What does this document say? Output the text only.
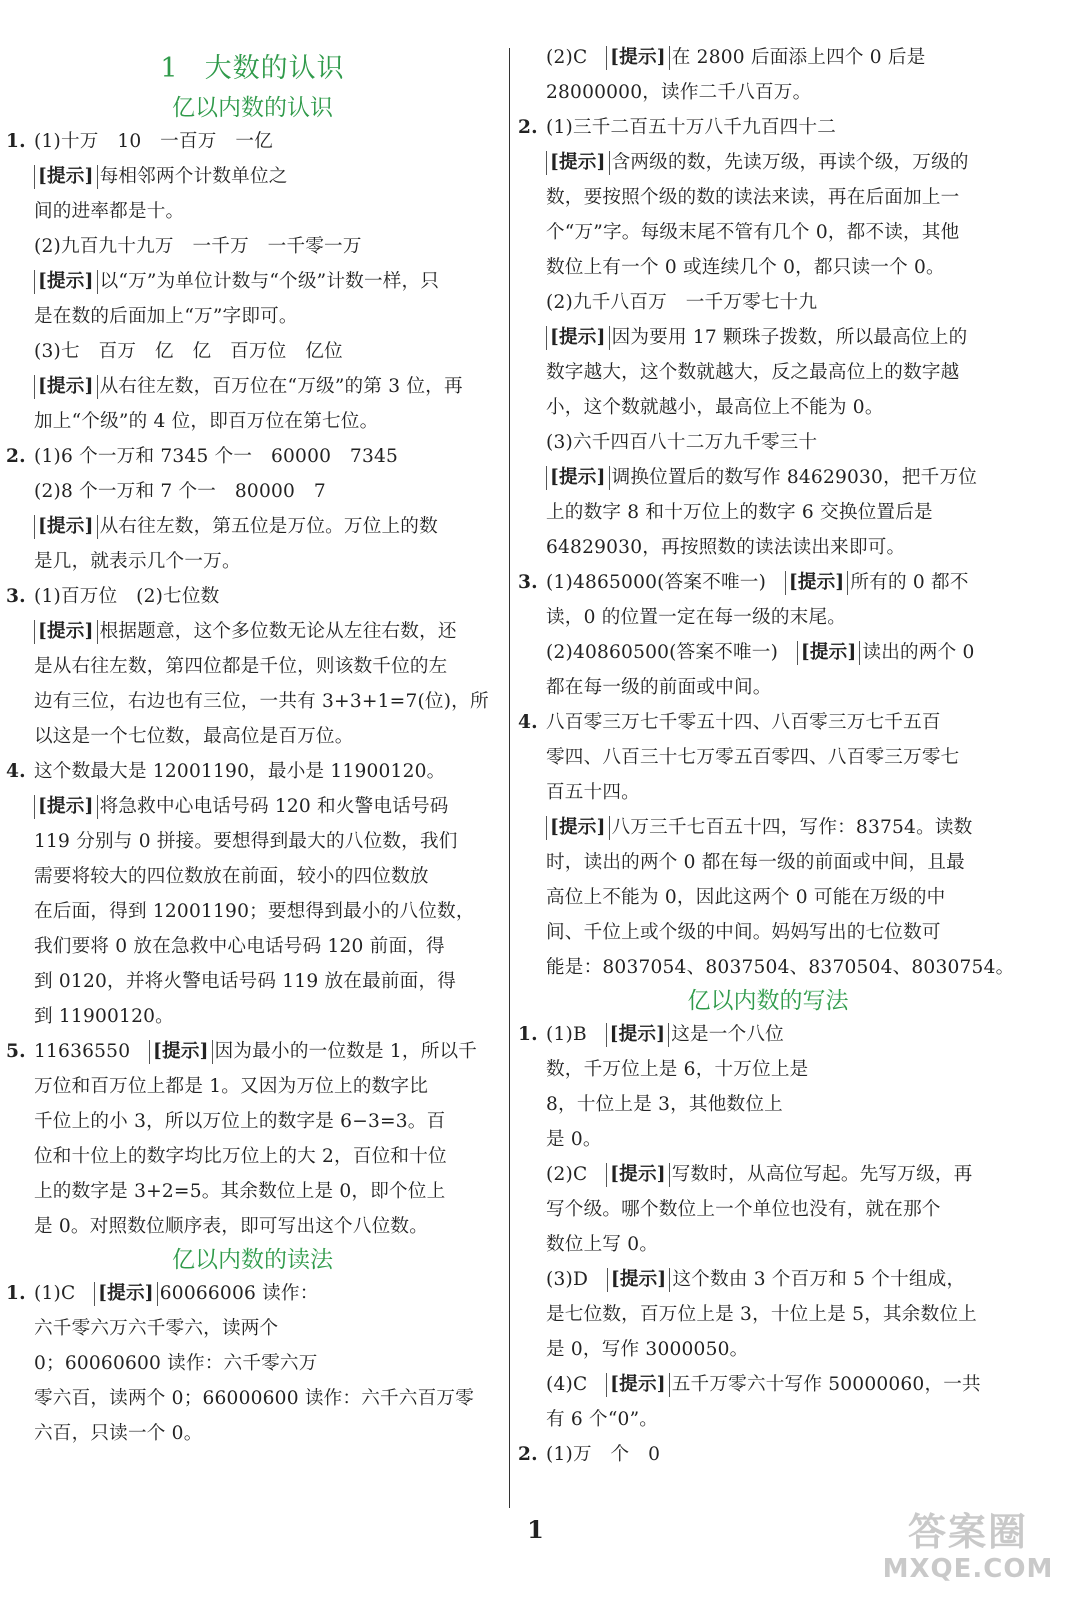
1 大数的认识
亿以内数的认识
1. (1)十万　10　一百万　一亿
[提示] 每相邻两个计数单位之
间的进率都是十。
(2)九百九十九万　一千万　一千零一万
[提示] 以“万”为单位计数与“个级”计数一样，只
是在数的后面加上“万”字即可。
(3)七　百万　亿　亿　百万位　亿位
[提示] 从右往左数，百万位在“万级”的第 3 位，再
加上“个级”的 4 位，即百万位在第七位。
2. (1)6 个一万和 7345 个一　60000　7345
(2)8 个一万和 7 个一　80000　7
[提示] 从右往左数，第五位是万位。万位上的数
是几，就表示几个一万。
3. (1)百万位　(2)七位数
[提示] 根据题意，这个多位数无论从左往右数，还
是从右往左数，第四位都是千位，则该数千位的左
边有三位，右边也有三位，一共有 3+3+1=7(位)，所
以这是一个七位数，最高位是百万位。
4. 这个数最大是 12001190，最小是 11900120。
[提示] 将急救中心电话号码 120 和火警电话号码
119 分别与 0 拼接。要想得到最大的八位数，我们
需要将较大的四位数放在前面，较小的四位数放
在后面，得到 12001190；要想得到最小的八位数，
我们要将 0 放在急救中心电话号码 120 前面，得
到 0120，并将火警电话号码 119 放在最前面，得
到 11900120。
5. 11636550　[提示] 因为最小的一位数是 1，所以千
万位和百万位上都是 1。又因为万位上的数字比
千位上的小 3，所以万位上的数字是 6−3=3。百
位和十位上的数字均比万位上的大 2，百位和十位
上的数字是 3+2=5。其余数位上是 0，即个位上
是 0。对照数位顺序表，即可写出这个八位数。
亿以内数的读法
1. (1)C　[提示] 60066006 读作：
六千零六万六千零六，读两个
0；60060600 读作：六千零六万
零六百，读两个 0；66000600 读作：六千六百万零
六百，只读一个 0。
(2)C　[提示] 在 2800 后面添上四个 0 后是
28000000，读作二千八百万。
2. (1)三千二百五十万八千九百四十二
[提示] 含两级的数，先读万级，再读个级，万级的
数，要按照个级的数的读法来读，再在后面加上一
个“万”字。每级末尾不管有几个 0，都不读，其他
数位上有一个 0 或连续几个 0，都只读一个 0。
(2)九千八百万　一千万零七十九
[提示] 因为要用 17 颗珠子拨数，所以最高位上的
数字越大，这个数就越大，反之最高位上的数字越
小，这个数就越小，最高位上不能为 0。
(3)六千四百八十二万九千零三十
[提示] 调换位置后的数写作 84629030，把千万位
上的数字 8 和十万位上的数字 6 交换位置后是
64829030，再按照数的读法读出来即可。
3. (1)4865000(答案不唯一)　[提示] 所有的 0 都不
读，0 的位置一定在每一级的末尾。
(2)40860500(答案不唯一)　[提示] 读出的两个 0
都在每一级的前面或中间。
4. 八百零三万七千零五十四、八百零三万七千五百
零四、八百三十七万零五百零四、八百零三万零七
百五十四。
[提示] 八万三千七百五十四，写作：83754。读数
时，读出的两个 0 都在每一级的前面或中间，且最
高位上不能为 0，因此这两个 0 可能在万级的中
间、千位上或个级的中间。妈妈写出的七位数可
能是：8037054、8037504、8370504、8030754。
亿以内数的写法
1. (1)B　[提示] 这是一个八位
数，千万位上是 6，十万位上是
8，十位上是 3，其他数位上
是 0。
(2)C　[提示] 写数时，从高位写起。先写万级，再
写个级。哪个数位上一个单位也没有，就在那个
数位上写 0。
(3)D　[提示] 这个数由 3 个百万和 5 个十组成，
是七位数，百万位上是 3，十位上是 5，其余数位上
是 0，写作 3000050。
(4)C　[提示] 五千万零六十写作 50000060，一共
有 6 个“0”。
2. (1)万　个　0
1	答案圈
MXQE.COM
